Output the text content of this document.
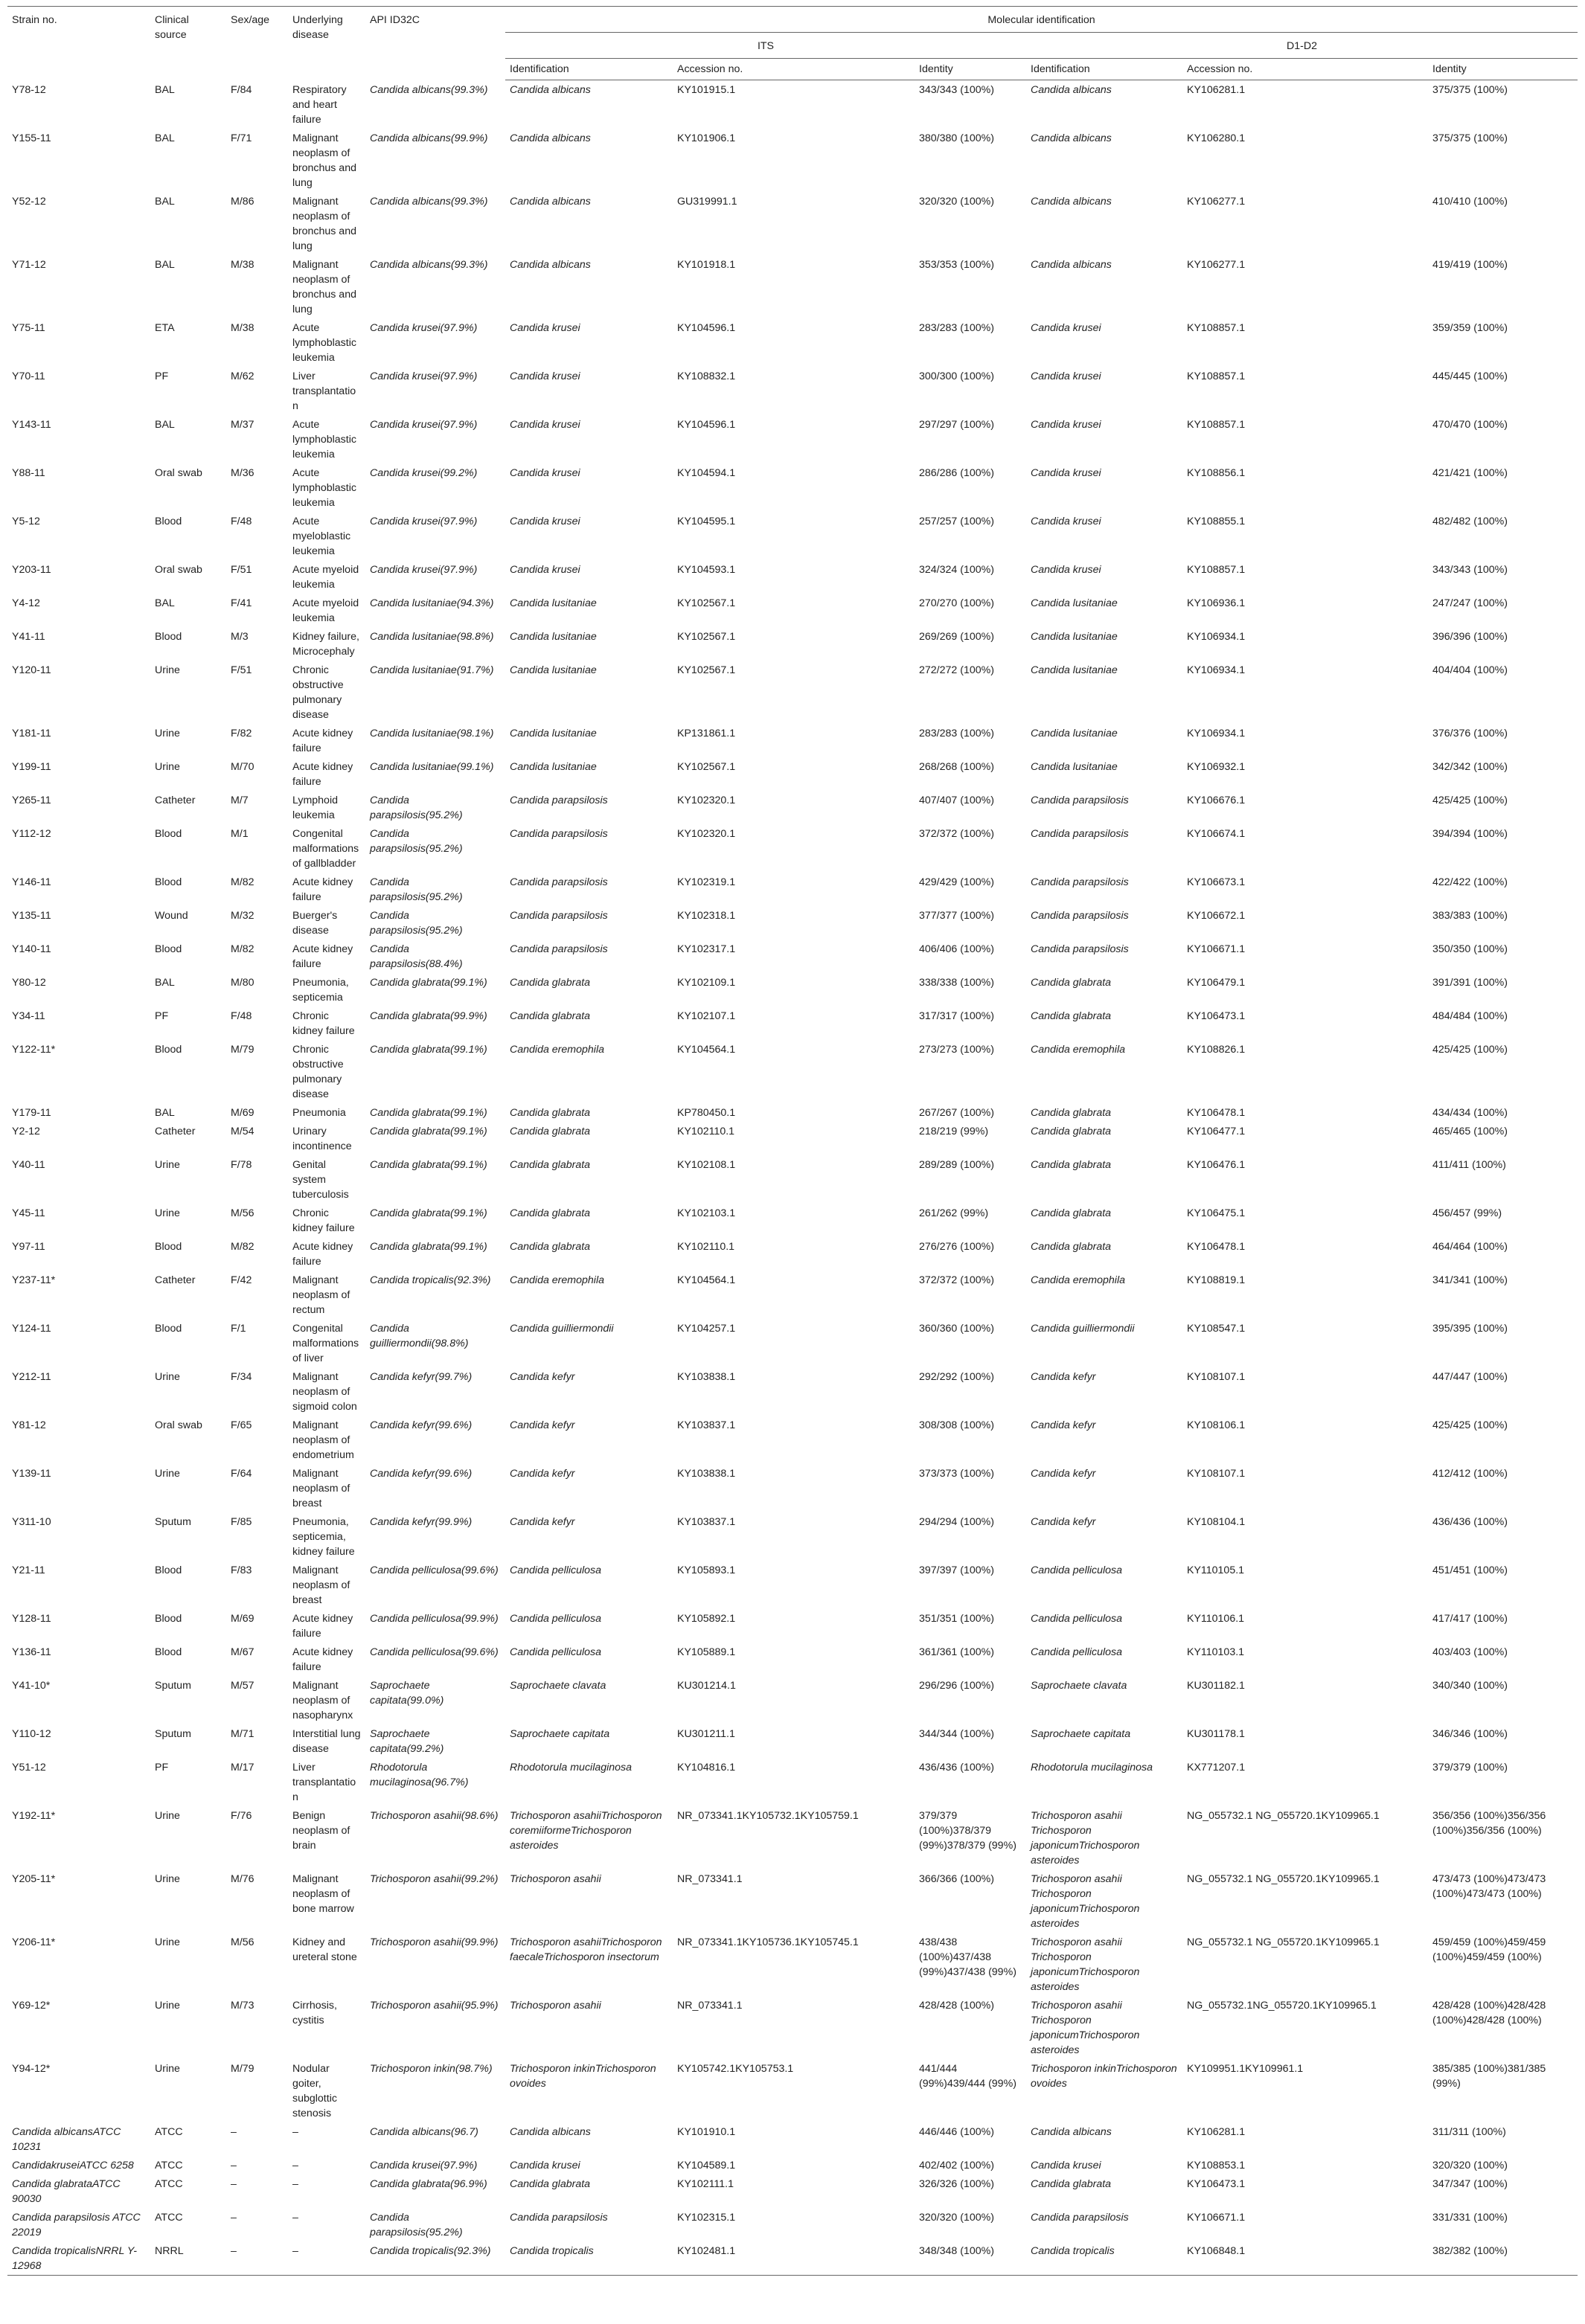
Strain no.	Clinical source	Sex/age	Underlying disease	API ID32C	Molecular identification					
					ITS			D1-D2		
					Identification	Accession no.	Identity	Identification	Accession no.	Identity
Y78-12	BAL	F/84	Respiratory and heart failure	Candida albicans(99.3%)	Candida albicans	KY101915.1	343/343 (100%)	Candida albicans	KY106281.1	375/375 (100%)
Y155-11	BAL	F/71	Malignant neoplasm of bronchus and lung	Candida albicans(99.9%)	Candida albicans	KY101906.1	380/380 (100%)	Candida albicans	KY106280.1	375/375 (100%)
Y52-12	BAL	M/86	Malignant neoplasm of bronchus and lung	Candida albicans(99.3%)	Candida albicans	GU319991.1	320/320 (100%)	Candida albicans	KY106277.1	410/410 (100%)
Y71-12	BAL	M/38	Malignant neoplasm of bronchus and lung	Candida albicans(99.3%)	Candida albicans	KY101918.1	353/353 (100%)	Candida albicans	KY106277.1	419/419 (100%)
Y75-11	ETA	M/38	Acute lymphoblastic leukemia	Candida krusei(97.9%)	Candida krusei	KY104596.1	283/283 (100%)	Candida krusei	KY108857.1	359/359 (100%)
Y70-11	PF	M/62	Liver transplantation	Candida krusei(97.9%)	Candida krusei	KY108832.1	300/300 (100%)	Candida krusei	KY108857.1	445/445 (100%)
Y143-11	BAL	M/37	Acute lymphoblastic leukemia	Candida krusei(97.9%)	Candida krusei	KY104596.1	297/297 (100%)	Candida krusei	KY108857.1	470/470 (100%)
Y88-11	Oral swab	M/36	Acute lymphoblastic leukemia	Candida krusei(99.2%)	Candida krusei	KY104594.1	286/286 (100%)	Candida krusei	KY108856.1	421/421 (100%)
Y5-12	Blood	F/48	Acute myeloblastic leukemia	Candida krusei(97.9%)	Candida krusei	KY104595.1	257/257 (100%)	Candida krusei	KY108855.1	482/482 (100%)
Y203-11	Oral swab	F/51	Acute myeloid leukemia	Candida krusei(97.9%)	Candida krusei	KY104593.1	324/324 (100%)	Candida krusei	KY108857.1	343/343 (100%)
Y4-12	BAL	F/41	Acute myeloid leukemia	Candida lusitaniae(94.3%)	Candida lusitaniae	KY102567.1	270/270 (100%)	Candida lusitaniae	KY106936.1	247/247 (100%)
Y41-11	Blood	M/3	Kidney failure, Microcephaly	Candida lusitaniae(98.8%)	Candida lusitaniae	KY102567.1	269/269 (100%)	Candida lusitaniae	KY106934.1	396/396 (100%)
Y120-11	Urine	F/51	Chronic obstructive pulmonary disease	Candida lusitaniae(91.7%)	Candida lusitaniae	KY102567.1	272/272 (100%)	Candida lusitaniae	KY106934.1	404/404 (100%)
Y181-11	Urine	F/82	Acute kidney failure	Candida lusitaniae(98.1%)	Candida lusitaniae	KP131861.1	283/283 (100%)	Candida lusitaniae	KY106934.1	376/376 (100%)
Y199-11	Urine	M/70	Acute kidney failure	Candida lusitaniae(99.1%)	Candida lusitaniae	KY102567.1	268/268 (100%)	Candida lusitaniae	KY106932.1	342/342 (100%)
Y265-11	Catheter	M/7	Lymphoid leukemia	Candida parapsilosis(95.2%)	Candida parapsilosis	KY102320.1	407/407 (100%)	Candida parapsilosis	KY106676.1	425/425 (100%)
Y112-12	Blood	M/1	Congenital malformations of gallbladder	Candida parapsilosis(95.2%)	Candida parapsilosis	KY102320.1	372/372 (100%)	Candida parapsilosis	KY106674.1	394/394 (100%)
Y146-11	Blood	M/82	Acute kidney failure	Candida parapsilosis(95.2%)	Candida parapsilosis	KY102319.1	429/429 (100%)	Candida parapsilosis	KY106673.1	422/422 (100%)
Y135-11	Wound	M/32	Buerger's disease	Candida parapsilosis(95.2%)	Candida parapsilosis	KY102318.1	377/377 (100%)	Candida parapsilosis	KY106672.1	383/383 (100%)
Y140-11	Blood	M/82	Acute kidney failure	Candida parapsilosis(88.4%)	Candida parapsilosis	KY102317.1	406/406 (100%)	Candida parapsilosis	KY106671.1	350/350 (100%)
Y80-12	BAL	M/80	Pneumonia, septicemia	Candida glabrata(99.1%)	Candida glabrata	KY102109.1	338/338 (100%)	Candida glabrata	KY106479.1	391/391 (100%)
Y34-11	PF	F/48	Chronic kidney failure	Candida glabrata(99.9%)	Candida glabrata	KY102107.1	317/317 (100%)	Candida glabrata	KY106473.1	484/484 (100%)
Y122-11*	Blood	M/79	Chronic obstructive pulmonary disease	Candida glabrata(99.1%)	Candida eremophila	KY104564.1	273/273 (100%)	Candida eremophila	KY108826.1	425/425 (100%)
Y179-11	BAL	M/69	Pneumonia	Candida glabrata(99.1%)	Candida glabrata	KP780450.1	267/267 (100%)	Candida glabrata	KY106478.1	434/434 (100%)
Y2-12	Catheter	M/54	Urinary incontinence	Candida glabrata(99.1%)	Candida glabrata	KY102110.1	218/219 (99%)	Candida glabrata	KY106477.1	465/465 (100%)
Y40-11	Urine	F/78	Genital system tuberculosis	Candida glabrata(99.1%)	Candida glabrata	KY102108.1	289/289 (100%)	Candida glabrata	KY106476.1	411/411 (100%)
Y45-11	Urine	M/56	Chronic kidney failure	Candida glabrata(99.1%)	Candida glabrata	KY102103.1	261/262 (99%)	Candida glabrata	KY106475.1	456/457 (99%)
Y97-11	Blood	M/82	Acute kidney failure	Candida glabrata(99.1%)	Candida glabrata	KY102110.1	276/276 (100%)	Candida glabrata	KY106478.1	464/464 (100%)
Y237-11*	Catheter	F/42	Malignant neoplasm of rectum	Candida tropicalis(92.3%)	Candida eremophila	KY104564.1	372/372 (100%)	Candida eremophila	KY108819.1	341/341 (100%)
Y124-11	Blood	F/1	Congenital malformations of liver	Candida guilliermondii(98.8%)	Candida guilliermondii	KY104257.1	360/360 (100%)	Candida guilliermondii	KY108547.1	395/395 (100%)
Y212-11	Urine	F/34	Malignant neoplasm of sigmoid colon	Candida kefyr(99.7%)	Candida kefyr	KY103838.1	292/292 (100%)	Candida kefyr	KY108107.1	447/447 (100%)
Y81-12	Oral swab	F/65	Malignant neoplasm of endometrium	Candida kefyr(99.6%)	Candida kefyr	KY103837.1	308/308 (100%)	Candida kefyr	KY108106.1	425/425 (100%)
Y139-11	Urine	F/64	Malignant neoplasm of breast	Candida kefyr(99.6%)	Candida kefyr	KY103838.1	373/373 (100%)	Candida kefyr	KY108107.1	412/412 (100%)
Y311-10	Sputum	F/85	Pneumonia, septicemia, kidney failure	Candida kefyr(99.9%)	Candida kefyr	KY103837.1	294/294 (100%)	Candida kefyr	KY108104.1	436/436 (100%)
Y21-11	Blood	F/83	Malignant neoplasm of breast	Candida pelliculosa(99.6%)	Candida pelliculosa	KY105893.1	397/397 (100%)	Candida pelliculosa	KY110105.1	451/451 (100%)
Y128-11	Blood	M/69	Acute kidney failure	Candida pelliculosa(99.9%)	Candida pelliculosa	KY105892.1	351/351 (100%)	Candida pelliculosa	KY110106.1	417/417 (100%)
Y136-11	Blood	M/67	Acute kidney failure	Candida pelliculosa(99.6%)	Candida pelliculosa	KY105889.1	361/361 (100%)	Candida pelliculosa	KY110103.1	403/403 (100%)
Y41-10*	Sputum	M/57	Malignant neoplasm of nasopharynx	Saprochaete capitata(99.0%)	Saprochaete clavata	KU301214.1	296/296 (100%)	Saprochaete clavata	KU301182.1	340/340 (100%)
Y110-12	Sputum	M/71	Interstitial lung disease	Saprochaete capitata(99.2%)	Saprochaete capitata	KU301211.1	344/344 (100%)	Saprochaete capitata	KU301178.1	346/346 (100%)
Y51-12	PF	M/17	Liver transplantation	Rhodotorula mucilaginosa(96.7%)	Rhodotorula mucilaginosa	KY104816.1	436/436 (100%)	Rhodotorula mucilaginosa	KX771207.1	379/379 (100%)
Y192-11*	Urine	F/76	Benign neoplasm of brain	Trichosporon asahii(98.6%)	Trichosporon asahiiTrichosporon coremiiformeTrichosporon asteroides	NR_073341.1KY105732.1KY105759.1	379/379 (100%)378/379 (99%)378/379 (99%)	Trichosporon asahii Trichosporon japonicumTrichosporon asteroides	NG_055732.1 NG_055720.1KY109965.1	356/356 (100%)356/356 (100%)356/356 (100%)
Y205-11*	Urine	M/76	Malignant neoplasm of bone marrow	Trichosporon asahii(99.2%)	Trichosporon asahii	NR_073341.1	366/366 (100%)	Trichosporon asahii Trichosporon japonicumTrichosporon asteroides	NG_055732.1 NG_055720.1KY109965.1	473/473 (100%)473/473 (100%)473/473 (100%)
Y206-11*	Urine	M/56	Kidney and ureteral stone	Trichosporon asahii(99.9%)	Trichosporon asahiiTrichosporon faecaleTrichosporon insectorum	NR_073341.1KY105736.1KY105745.1	438/438 (100%)437/438 (99%)437/438 (99%)	Trichosporon asahii Trichosporon japonicumTrichosporon asteroides	NG_055732.1 NG_055720.1KY109965.1	459/459 (100%)459/459 (100%)459/459 (100%)
Y69-12*	Urine	M/73	Cirrhosis, cystitis	Trichosporon asahii(95.9%)	Trichosporon asahii	NR_073341.1	428/428 (100%)	Trichosporon asahii Trichosporon japonicumTrichosporon asteroides	NG_055732.1NG_055720.1KY109965.1	428/428 (100%)428/428 (100%)428/428 (100%)
Y94-12*	Urine	M/79	Nodular goiter, subglottic stenosis	Trichosporon inkin(98.7%)	Trichosporon inkinTrichosporon ovoides	KY105742.1KY105753.1	441/444 (99%)439/444 (99%)	Trichosporon inkinTrichosporon ovoides	KY109951.1KY109961.1	385/385 (100%)381/385 (99%)
Candida albicansATCC 10231	ATCC	–	–	Candida albicans(96.7)	Candida albicans	KY101910.1	446/446 (100%)	Candida albicans	KY106281.1	311/311 (100%)
CandidakruseiATCC 6258	ATCC	–	–	Candida krusei(97.9%)	Candida krusei	KY104589.1	402/402 (100%)	Candida krusei	KY108853.1	320/320 (100%)
Candida glabrataATCC 90030	ATCC	–	–	Candida glabrata(96.9%)	Candida glabrata	KY102111.1	326/326 (100%)	Candida glabrata	KY106473.1	347/347 (100%)
Candida parapsilosis ATCC 22019	ATCC	–	–	Candida parapsilosis(95.2%)	Candida parapsilosis	KY102315.1	320/320 (100%)	Candida parapsilosis	KY106671.1	331/331 (100%)
Candida tropicalisNRRL Y-12968	NRRL	–	–	Candida tropicalis(92.3%)	Candida tropicalis	KY102481.1	348/348 (100%)	Candida tropicalis	KY106848.1	382/382 (100%)
